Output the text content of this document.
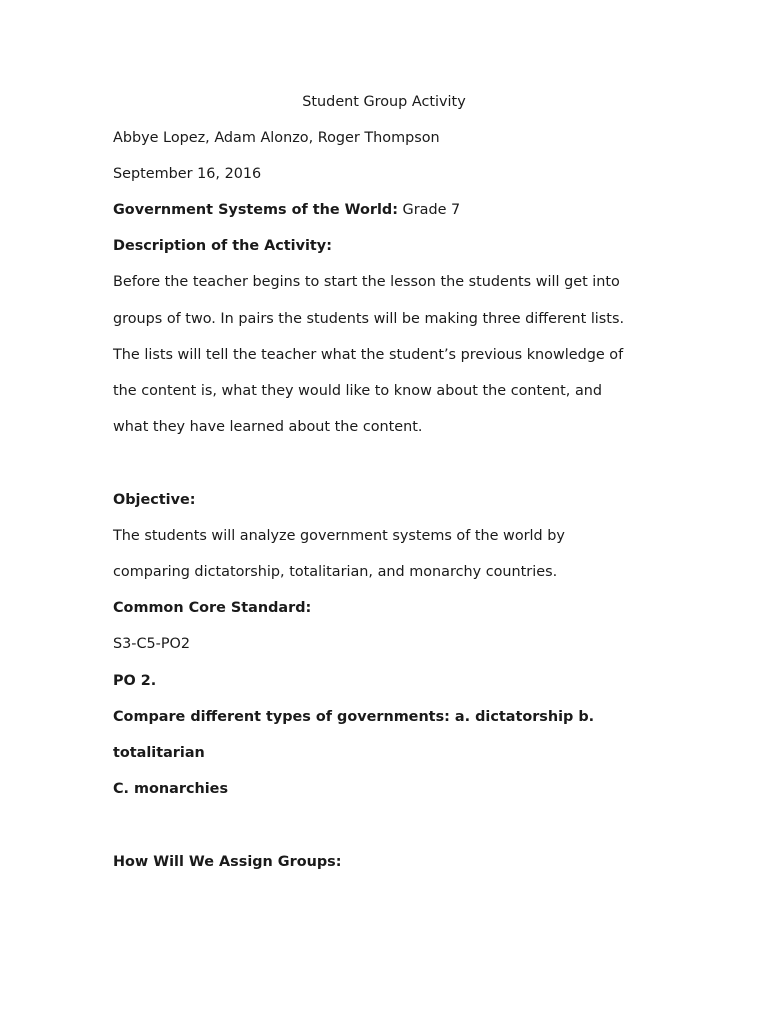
Student Group Activity
Abbye Lopez, Adam Alonzo, Roger Thompson
September 16, 2016
Government Systems of the World: Grade 7
Description of the Activity:
Before the teacher begins to start the lesson the students will get into
groups of two. In pairs the students will be making three different lists.
The lists will tell the teacher what the student’s previous knowledge of
the content is, what they would like to know about the content, and
what they have learned about the content.
Objective:
The students will analyze government systems of the world by
comparing dictatorship, totalitarian, and monarchy countries.
Common Core Standard:
S3-C5-PO2
PO 2.
Compare different types of governments: a. dictatorship b.
totalitarian
C. monarchies
How Will We Assign Groups:
